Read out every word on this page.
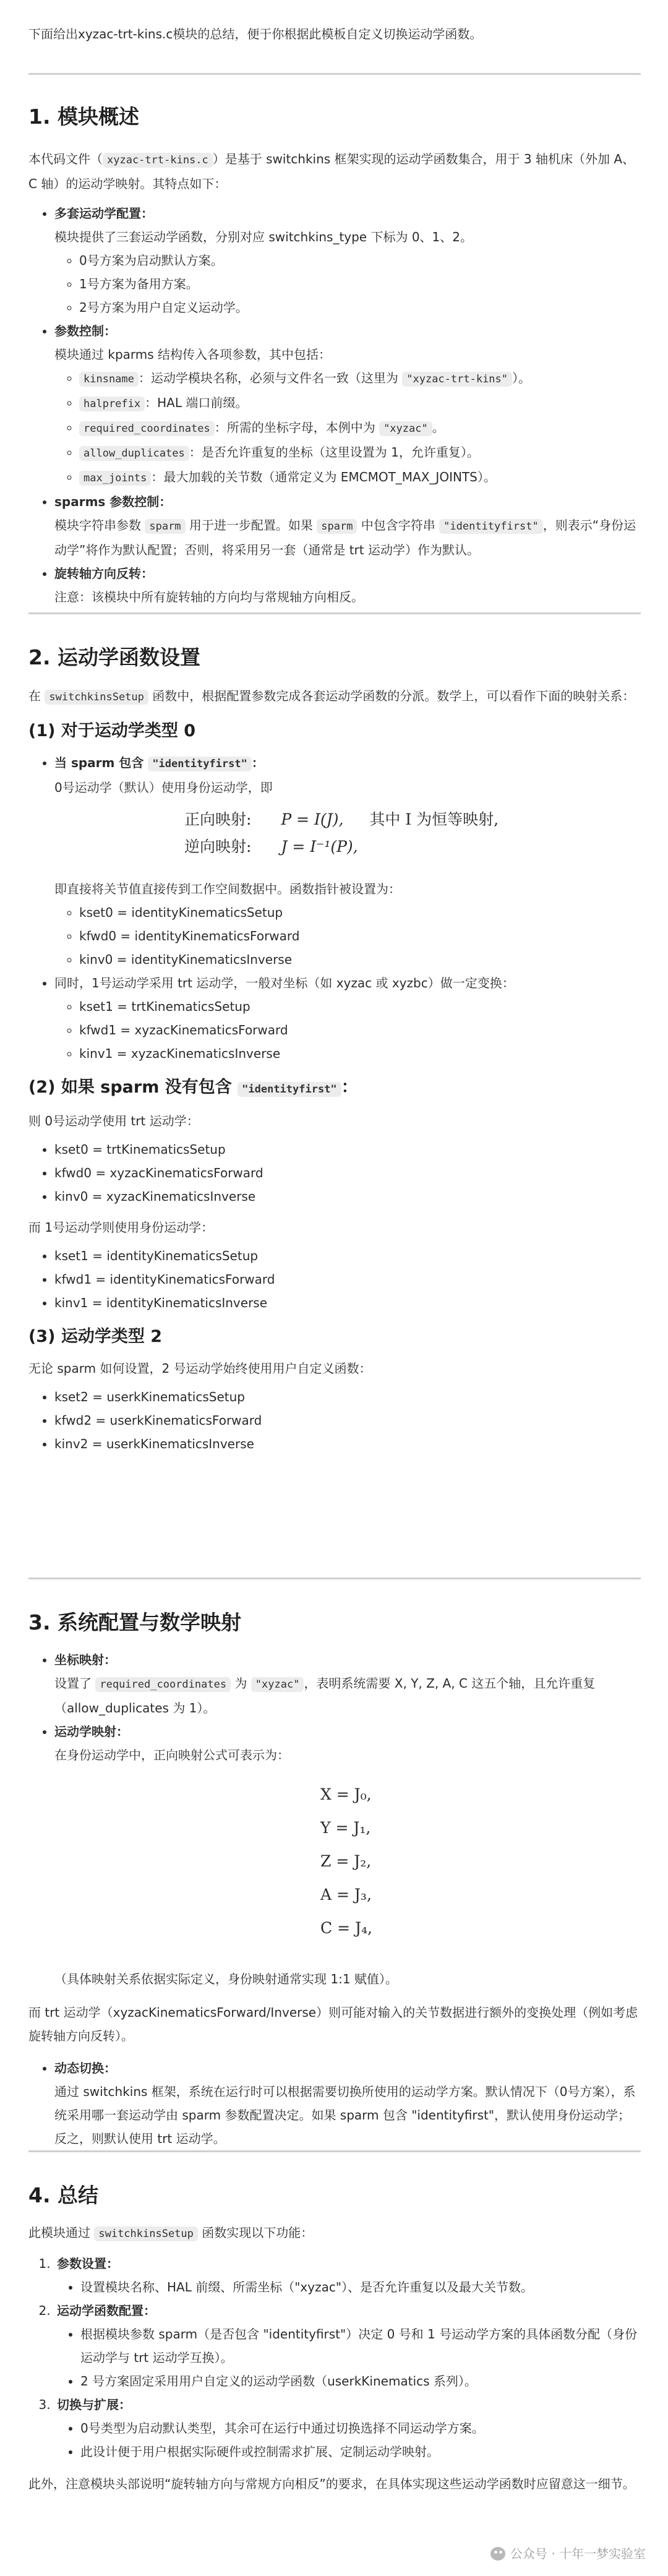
下面给出xyzac-trt-kins.c模块的总结，便于你根据此模板自定义切换运动学函数。

1. 模块概述

本代码文件（ xyzac-trt-kins.c ）是基于 switchkins 框架实现的运动学函数集合，用于 3 轴机床（外加 A、C 轴）的运动学映射。其特点如下：

• 多套运动学配置：
模块提供了三套运动学函数，分别对应 switchkins_type 下标为 0、1、2。
◦ 0号方案为启动默认方案。
◦ 1号方案为备用方案。
◦ 2号方案为用户自定义运动学。
• 参数控制：
模块通过 kparms 结构传入各项参数，其中包括：
◦ kinsname ：运动学模块名称，必须与文件名一致（这里为 "xyzac-trt-kins" ）。
◦ halprefix ：HAL 端口前缀。
◦ required_coordinates ：所需的坐标字母，本例中为 "xyzac" 。
◦ allow_duplicates ：是否允许重复的坐标（这里设置为 1，允许重复）。
◦ max_joints ：最大加载的关节数（通常定义为 EMCMOT_MAX_JOINTS）。
• sparms 参数控制：
模块字符串参数 sparm 用于进一步配置。如果 sparm 中包含字符串 "identityfirst" ，则表示“身份运动学”将作为默认配置；否则，将采用另一套（通常是 trt 运动学）作为默认。
• 旋转轴方向反转：
注意：该模块中所有旋转轴的方向均与常规轴方向相反。
2. 运动学函数设置

在 switchkinsSetup 函数中，根据配置参数完成各套运动学函数的分派。数学上，可以看作下面的映射关系：

(1) 对于运动学类型 0
• 当 sparm 包含 "identityfirst" ：
0号运动学（默认）使用身份运动学，即
正向映射: P = I(J), 其中 I 为恒等映射,
逆向映射: J = I⁻¹(P),
即直接将关节值直接传到工作空间数据中。函数指针被设置为：
◦ kset0 = identityKinematicsSetup
◦ kfwd0 = identityKinematicsForward
◦ kinv0 = identityKinematicsInverse
• 同时，1号运动学采用 trt 运动学，一般对坐标（如 xyzac 或 xyzbc）做一定变换：
◦ kset1 = trtKinematicsSetup
◦ kfwd1 = xyzacKinematicsForward
◦ kinv1 = xyzacKinematicsInverse
(2) 如果 sparm 没有包含 "identityfirst" ：

则 0号运动学使用 trt 运动学：

• kset0 = trtKinematicsSetup
• kfwd0 = xyzacKinematicsForward
• kinv0 = xyzacKinematicsInverse

而 1号运动学则使用身份运动学：

• kset1 = identityKinematicsSetup
• kfwd1 = identityKinematicsForward
• kinv1 = identityKinematicsInverse
(3) 运动学类型 2

无论 sparm 如何设置，2 号运动学始终使用用户自定义函数：

• kset2 = userkKinematicsSetup
• kfwd2 = userkKinematicsForward
• kinv2 = userkKinematicsInverse
3. 系统配置与数学映射
• 坐标映射：
设置了 required_coordinates 为 "xyzac" ，表明系统需要 X, Y, Z, A, C 这五个轴，且允许重复（allow_duplicates 为 1）。
• 运动学映射：
在身份运动学中，正向映射公式可表示为：
X = J₀,
Y = J₁,
Z = J₂,
A = J₃,
C = J₄,
（具体映射关系依据实际定义，身份映射通常实现 1:1 赋值）。

而 trt 运动学（xyzacKinematicsForward/Inverse）则可能对输入的关节数据进行额外的变换处理（例如考虑旋转轴方向反转）。

• 动态切换：
通过 switchkins 框架，系统在运行时可以根据需要切换所使用的运动学方案。默认情况下（0号方案），系统采用哪一套运动学由 sparm 参数配置决定。如果 sparm 包含 "identityfirst"，默认使用身份运动学；反之，则默认使用 trt 运动学。
4. 总结

此模块通过 switchkinsSetup 函数实现以下功能：

1. 参数设置：
• 设置模块名称、HAL 前缀、所需坐标（"xyzac"）、是否允许重复以及最大关节数。
2. 运动学函数配置：
• 根据模块参数 sparm（是否包含 "identityfirst"）决定 0 号和 1 号运动学方案的具体函数分配（身份运动学与 trt 运动学互换）。
• 2 号方案固定采用用户自定义的运动学函数（userkKinematics 系列）。
3. 切换与扩展：
• 0号类型为启动默认类型，其余可在运行中通过切换选择不同运动学方案。
• 此设计便于用户根据实际硬件或控制需求扩展、定制运动学映射。

此外，注意模块头部说明“旋转轴方向与常规方向相反”的要求，在具体实现这些运动学函数时应留意这一细节。

公众号 · 十年一梦实验室
